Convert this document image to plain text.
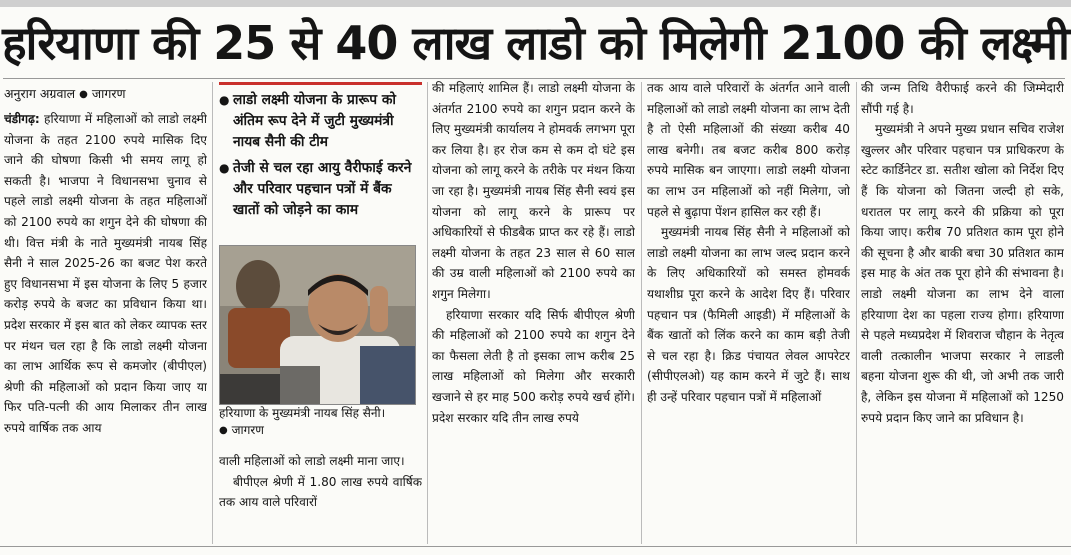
हरियाणा की 25 से 40 लाख लाडो को मिलेगी 2100 की लक्ष्मी
अनुराग अग्रवाल ● जागरण

चंडीगढ़: हरियाणा में महिलाओं को लाडो लक्ष्मी योजना के तहत 2100 रुपये मासिक दिए जाने की घोषणा किसी भी समय लागू हो सकती है। भाजपा ने विधानसभा चुनाव से पहले लाडो लक्ष्मी योजना के तहत महिलाओं को 2100 रुपये का शगुन देने की घोषणा की थी। वित्त मंत्री के नाते मुख्यमंत्री नायब सिंह सैनी ने साल 2025-26 का बजट पेश करते हुए विधानसभा में इस योजना के लिए 5 हजार करोड़ रुपये के बजट का प्रविधान किया था। प्रदेश सरकार में इस बात को लेकर व्यापक स्तर पर मंथन चल रहा है कि लाडो लक्ष्मी योजना का लाभ आर्थिक रूप से कमजोर (बीपीएल) श्रेणी की महिलाओं को प्रदान किया जाए या फिर पति-पत्नी की आय मिलाकर तीन लाख रुपये वार्षिक तक आय

● लाडो लक्ष्मी योजना के प्रारूप को अंतिम रूप देने में जुटी मुख्यमंत्री नायब सैनी की टीम
● तेजी से चल रहा आयु वैरीफाई करने और परिवार पहचान पत्रों में बैंक खातों को जोड़ने का काम
हरियाणा के मुख्यमंत्री नायब सिंह सैनी।
● जागरण

वाली महिलाओं को लाडो लक्ष्मी माना जाए।

बीपीएल श्रेणी में 1.80 लाख रुपये वार्षिक तक आय वाले परिवारों

की महिलाएं शामिल हैं। लाडो लक्ष्मी योजना के अंतर्गत 2100 रुपये का शगुन प्रदान करने के लिए मुख्यमंत्री कार्यालय ने होमवर्क लगभग पूरा कर लिया है। हर रोज कम से कम दो घंटे इस योजना को लागू करने के तरीके पर मंथन किया जा रहा है। मुख्यमंत्री नायब सिंह सैनी स्वयं इस योजना को लागू करने के प्रारूप पर अधिकारियों से फीडबैक प्राप्त कर रहे हैं। लाडो लक्ष्मी योजना के तहत 23 साल से 60 साल की उम्र वाली महिलाओं को 2100 रुपये का शगुन मिलेगा।

हरियाणा सरकार यदि सिर्फ बीपीएल श्रेणी की महिलाओं को 2100 रुपये का शगुन देने का फैसला लेती है तो इसका लाभ करीब 25 लाख महिलाओं को मिलेगा और सरकारी खजाने से हर माह 500 करोड़ रुपये खर्च होंगे। प्रदेश सरकार यदि तीन लाख रुपये

तक आय वाले परिवारों के अंतर्गत आने वाली महिलाओं को लाडो लक्ष्मी योजना का लाभ देती है तो ऐसी महिलाओं की संख्या करीब 40 लाख बनेगी। तब बजट करीब 800 करोड़ रुपये मासिक बन जाएगा। लाडो लक्ष्मी योजना का लाभ उन महिलाओं को नहीं मिलेगा, जो पहले से बुढ़ापा पेंशन हासिल कर रही हैं।

मुख्यमंत्री नायब सिंह सैनी ने महिलाओं को लाडो लक्ष्मी योजना का लाभ जल्द प्रदान करने के लिए अधिकारियों को समस्त होमवर्क यथाशीघ्र पूरा करने के आदेश दिए हैं। परिवार पहचान पत्र (फैमिली आइडी) में महिलाओं के बैंक खातों को लिंक करने का काम बड़ी तेजी से चल रहा है। क्रिड पंचायत लेवल आपरेटर (सीपीएलओ) यह काम करने में जुटे हैं। साथ ही उन्हें परिवार पहचान पत्रों में महिलाओं

की जन्म तिथि वैरीफाई करने की जिम्मेदारी सौंपी गई है।

मुख्यमंत्री ने अपने मुख्य प्रधान सचिव राजेश खुल्लर और परिवार पहचान पत्र प्राधिकरण के स्टेट कार्डिनेटर डा. सतीश खोला को निर्देश दिए हैं कि योजना को जितना जल्दी हो सके, धरातल पर लागू करने की प्रक्रिया को पूरा किया जाए। करीब 70 प्रतिशत काम पूरा होने की सूचना है और बाकी बचा 30 प्रतिशत काम इस माह के अंत तक पूरा होने की संभावना है। लाडो लक्ष्मी योजना का लाभ देने वाला हरियाणा देश का पहला राज्य होगा। हरियाणा से पहले मध्यप्रदेश में शिवराज चौहान के नेतृत्व वाली तत्कालीन भाजपा सरकार ने लाडली बहना योजना शुरू की थी, जो अभी तक जारी है, लेकिन इस योजना में महिलाओं को 1250 रुपये प्रदान किए जाने का प्रविधान है।
